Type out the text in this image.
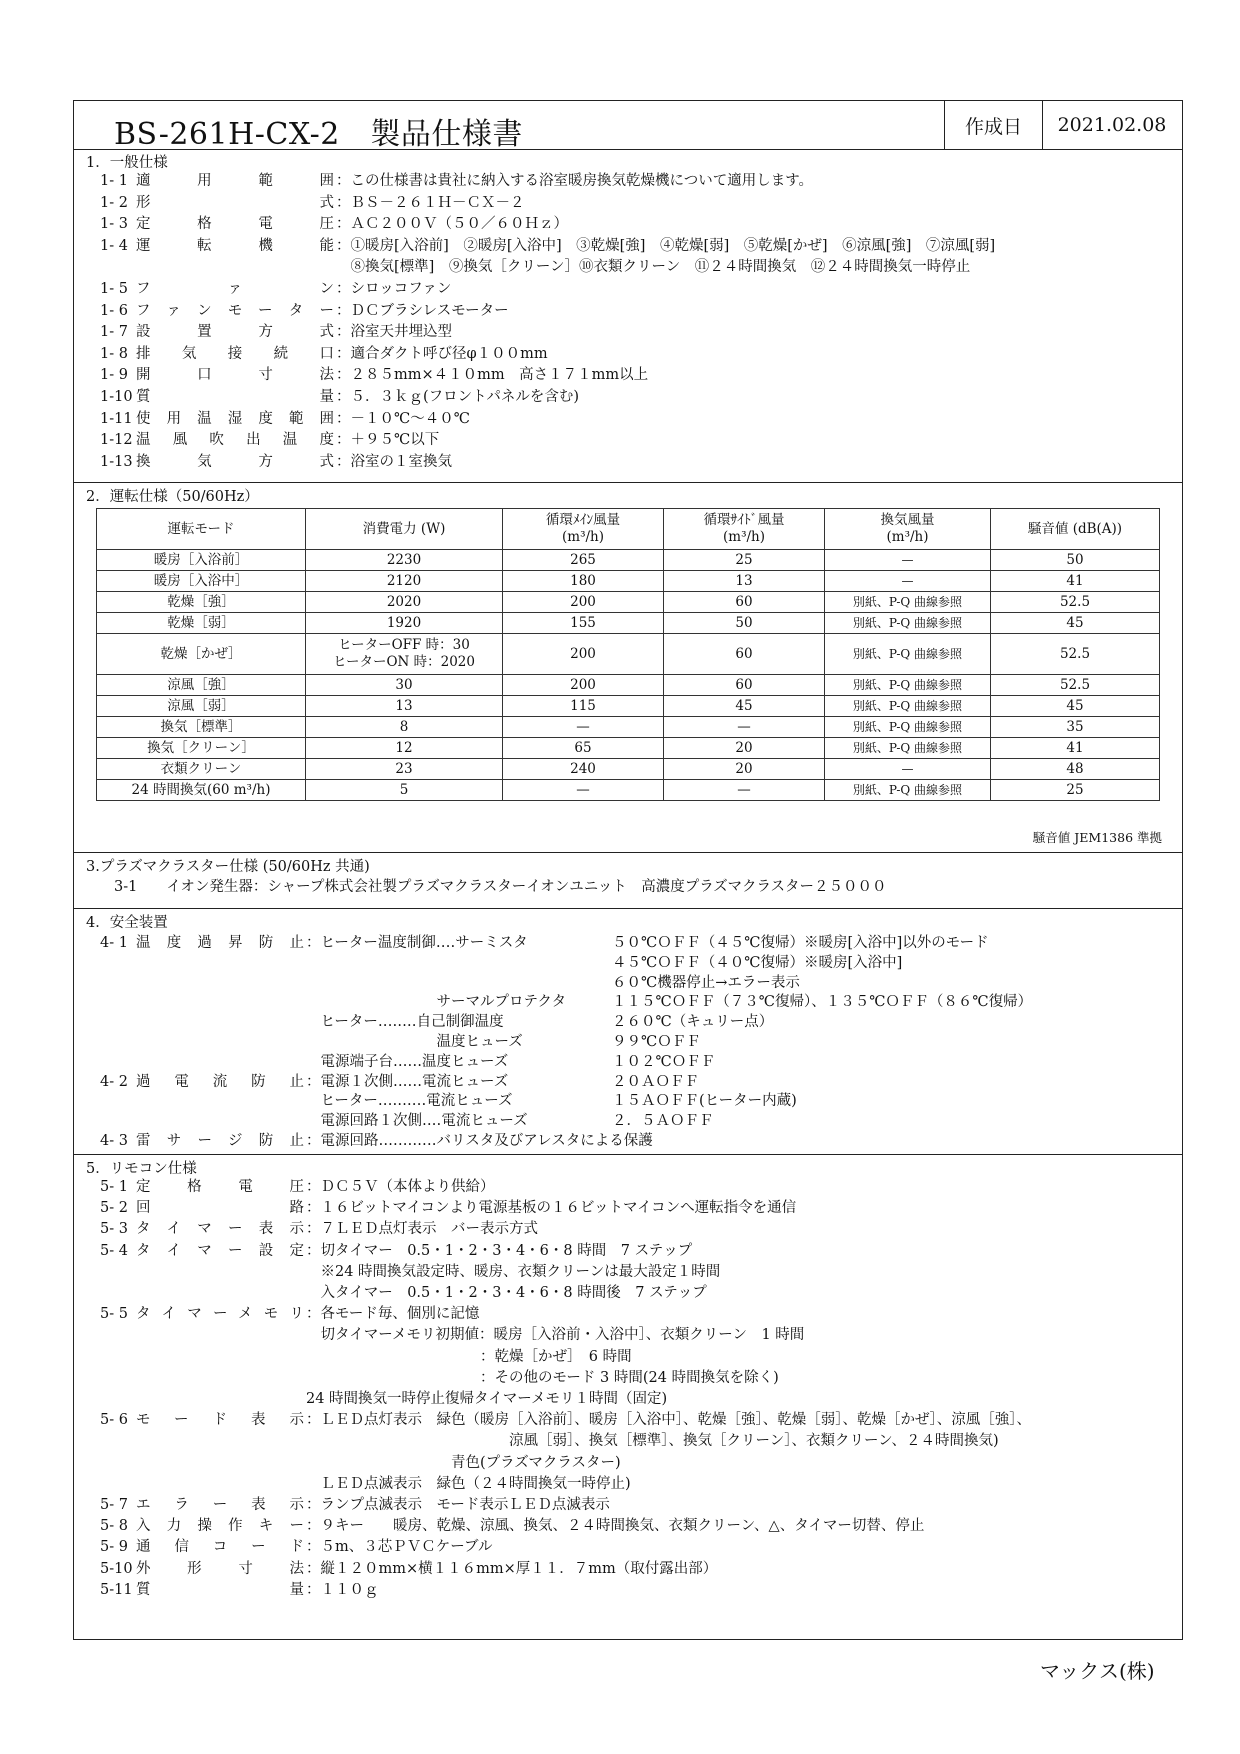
BS-261H-CX-2　製品仕様書	作成日	2021.02.08
1．一般仕様
1- 1 適用範囲 ：この仕様書は貴社に納入する浴室暖房換気乾燥機について適用します。
1- 2 形式 ：ＢＳ－２６１Ｈ－ＣＸ－２
1- 3 定格電圧 ：ＡＣ２００Ｖ（５０／６０Ｈｚ）
1- 4 運転機能 ：①暖房[入浴前]　②暖房[入浴中]　③乾燥[強]　④乾燥[弱]　⑤乾燥[かぜ]　⑥涼風[強]　⑦涼風[弱]
　⑧換気[標準]　⑨換気［クリーン］⑩衣類クリーン　⑪２４時間換気　⑫２４時間換気一時停止
1- 5 ファン ：シロッコファン
1- 6 ファンモーター ：ＤＣブラシレスモーター
1- 7 設置方式 ：浴室天井埋込型
1- 8 排気接続口 ：適合ダクト呼び径φ１００mm
1- 9 開口寸法 ：２８５mm×４１０mm　高さ１７１mm以上
1-10 質量 ：５．３ｋｇ(フロントパネルを含む)
1-11 使用温湿度範囲 ：－１０℃～４０℃
1-12 温風吹出温度 ：＋９５℃以下
1-13 換気方式 ：浴室の１室換気
2．運転仕様（50/60Hz）
運転モード	消費電力 (W)	循環ﾒｲﾝ風量
(m³/h)	循環ｻｲﾄﾞ風量
(m³/h)	換気風量
(m³/h)	騒音値 (dB(A))
暖房［入浴前］	2230	265	25	—	50
暖房［入浴中］	2120	180	13	—	41
乾燥［強］	2020	200	60	別紙、P-Q 曲線参照	52.5
乾燥［弱］	1920	155	50	別紙、P-Q 曲線参照	45
乾燥［かぜ］	ヒーターOFF 時：30
ヒーターON 時：2020	200	60	別紙、P-Q 曲線参照	52.5
涼風［強］	30	200	60	別紙、P-Q 曲線参照	52.5
涼風［弱］	13	115	45	別紙、P-Q 曲線参照	45
換気［標準］	8	—	—	別紙、P-Q 曲線参照	35
換気［クリーン］	12	65	20	別紙、P-Q 曲線参照	41
衣類クリーン	23	240	20	—	48
24 時間換気(60 m³/h)	5	—	—	別紙、P-Q 曲線参照	25
騒音値 JEM1386 準拠
3.プラズマクラスター仕様 (50/60Hz 共通)
3-1　　イオン発生器：シャープ株式会社製プラズマクラスターイオンユニット　高濃度プラズマクラスター２５０００
4．安全装置
4- 1 温度過昇防止 ：ヒーター温度制御‥‥サーミスタ	５０℃ＯＦＦ（４５℃復帰）※暖房[入浴中]以外のモード
４５℃ＯＦＦ（４０℃復帰）※暖房[入浴中]
６０℃機器停止→エラー表示
　　　　　　　　　サーマルプロテクタ	１１５℃ＯＦＦ（７３℃復帰）、１３５℃ＯＦＦ（８６℃復帰）
　ヒーター‥‥‥‥自己制御温度	２６０℃（キュリー点）
　　　　　　　　　温度ヒューズ	９９℃ＯＦＦ
　電源端子台‥‥‥温度ヒューズ	１０２℃ＯＦＦ
4- 2 過電流防止 ：電源１次側‥‥‥電流ヒューズ	２０ＡＯＦＦ
　ヒーター‥‥‥‥‥電流ヒューズ	１５ＡＯＦＦ(ヒーター内蔵)
　電源回路１次側‥‥電流ヒューズ	２．５ＡＯＦＦ
4- 3 雷サージ防止 ：電源回路‥‥‥‥‥‥バリスタ及びアレスタによる保護
5．リモコン仕様
5- 1 定格電圧 ：ＤＣ５Ｖ（本体より供給）
5- 2 回路 ：１６ビットマイコンより電源基板の１６ビットマイコンへ運転指令を通信
5- 3 タイマー表示 ：７ＬＥＤ点灯表示　バー表示方式
5- 4 タイマー設定 ：切タイマー　0.5・1・2・3・4・6・8 時間　7 ステップ
　※24 時間換気設定時、暖房、衣類クリーンは最大設定１時間
　入タイマー　0.5・1・2・3・4・6・8 時間後　7 ステップ
5- 5 タイマーメモリ ：各モード毎、個別に記憶
　切タイマーメモリ初期値：暖房［入浴前・入浴中］、衣類クリーン　1 時間
　　　　　　　　　　　　：乾燥［かぜ］　6 時間
　　　　　　　　　　　　：その他のモード 3 時間(24 時間換気を除く)
24 時間換気一時停止復帰タイマーメモリ１時間（固定)
5- 6 モード表示 ：ＬＥＤ点灯表示　緑色（暖房［入浴前］、暖房［入浴中］、乾燥［強］、乾燥［弱］、乾燥［かぜ］、涼風［強］、
　　　　　　　　　　　　　　涼風［弱］、換気［標準］、換気［クリーン］、衣類クリーン、２４時間換気)
　　　　　　　　　　青色(プラズマクラスター)
　ＬＥＤ点滅表示　緑色（２４時間換気一時停止)
5- 7 エラー表示 ：ランプ点滅表示　モード表示ＬＥＤ点滅表示
5- 8 入力操作キー ：９キー　　暖房、乾燥、涼風、換気、２４時間換気、衣類クリーン、△、タイマー切替、停止
5- 9 通信コード ：５m、３芯ＰＶＣケーブル
5-10 外形寸法 ：縦１２０mm×横１１６mm×厚１１．７mm（取付露出部）
5-11 質量 ：１１０ｇ
マックス(株)
